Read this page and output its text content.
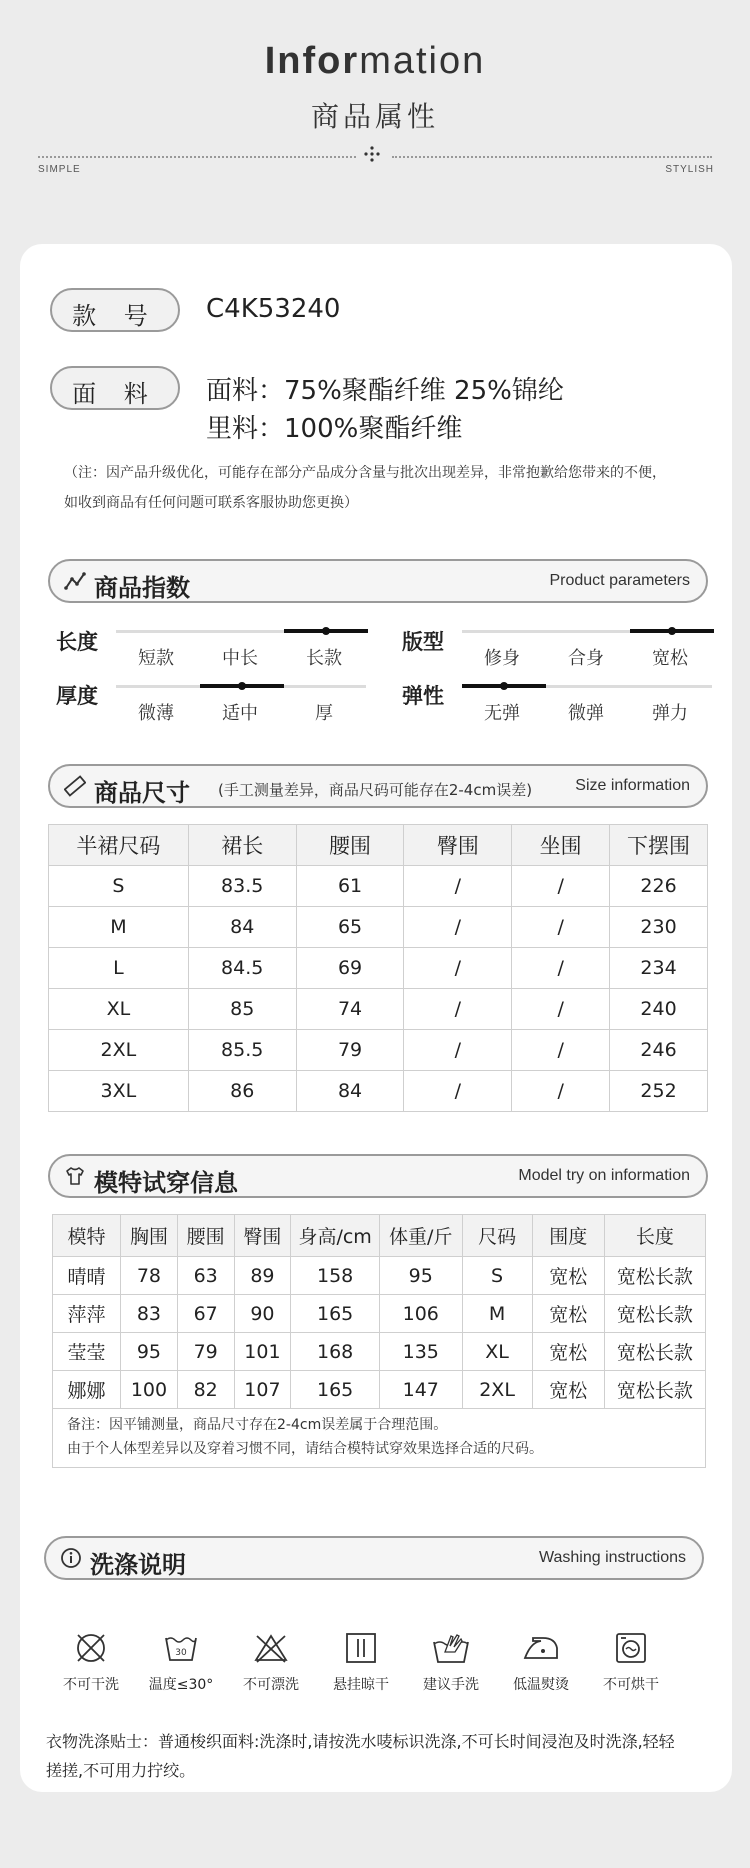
Information
商品属性
SIMPLE	STYLISH
款 号	C4K53240
面 料	面料：75%聚酯纤维 25%锦纶
里料：100%聚酯纤维
（注：因产品升级优化，可能存在部分产品成分含量与批次出现差异，非常抱歉给您带来的不便，
如收到商品有任何问题可联系客服协助您更换）
商品指数	Product parameters
长度
短款	中长	长款
版型
修身	合身	宽松
厚度
微薄	适中	厚
弹性
无弹	微弹	弹力
商品尺寸 (手工测量差异，商品尺码可能存在2-4cm误差)	Size information
半裙尺码	裙长	腰围	臀围	坐围	下摆围
S	83.5	61	/	/	226
M	84	65	/	/	230
L	84.5	69	/	/	234
XL	85	74	/	/	240
2XL	85.5	79	/	/	246
3XL	86	84	/	/	252
模特试穿信息	Model try on information
模特	胸围	腰围	臀围	身高/cm	体重/斤	尺码	围度	长度
晴晴	78	63	89	158	95	S	宽松	宽松长款
萍萍	83	67	90	165	106	M	宽松	宽松长款
莹莹	95	79	101	168	135	XL	宽松	宽松长款
娜娜	100	82	107	165	147	2XL	宽松	宽松长款
备注：因平铺测量，商品尺寸存在2-4cm误差属于合理范围。
由于个人体型差异以及穿着习惯不同，请结合模特试穿效果选择合适的尺码。
洗涤说明	Washing instructions
不可干洗
30
温度≤30°	不可漂洗	悬挂晾干	建议手洗	低温熨烫	不可烘干
衣物洗涤贴士：普通梭织面料:洗涤时,请按洗水唛标识洗涤,不可长时间浸泡及时洗涤,轻轻
搓搓,不可用力拧绞。
